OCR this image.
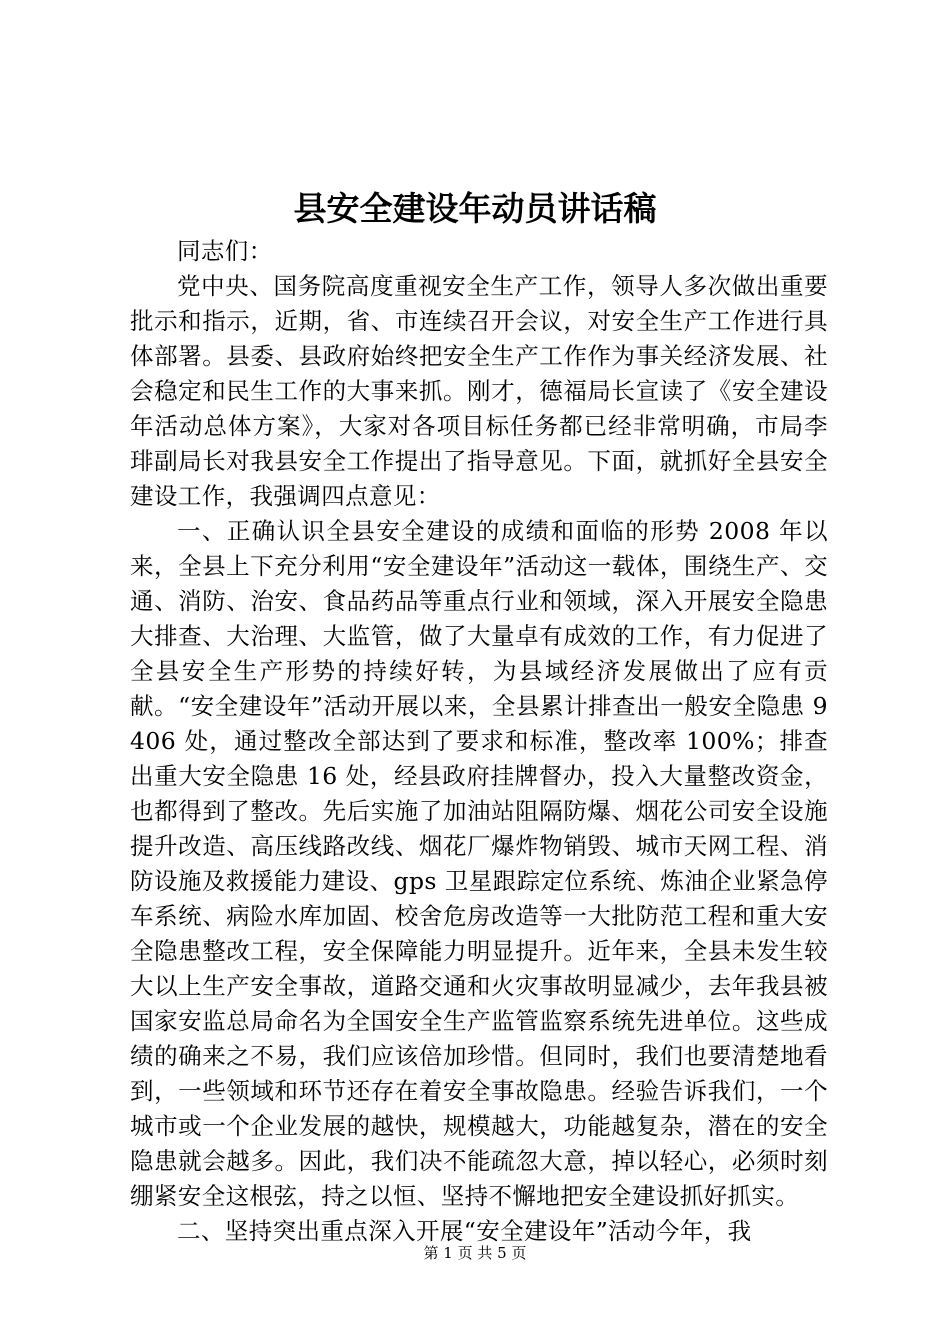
县安全建设年动员讲话稿

同志们：

党中央、国务院高度重视安全生产工作，领导人多次做出重要批示和指示，近期，省、市连续召开会议，对安全生产工作进行具体部署。县委、县政府始终把安全生产工作作为事关经济发展、社会稳定和民生工作的大事来抓。刚才，德福局长宣读了《安全建设年活动总体方案》，大家对各项目标任务都已经非常明确，市局李琲副局长对我县安全工作提出了指导意见。下面，就抓好全县安全建设工作，我强调四点意见：

一、正确认识全县安全建设的成绩和面临的形势 2008 年以来，全县上下充分利用“安全建设年”活动这一载体，围绕生产、交通、消防、治安、食品药品等重点行业和领域，深入开展安全隐患大排查、大治理、大监管，做了大量卓有成效的工作，有力促进了全县安全生产形势的持续好转，为县域经济发展做出了应有贡献。“安全建设年”活动开展以来，全县累计排查出一般安全隐患 9406 处，通过整改全部达到了要求和标准，整改率 100%；排查出重大安全隐患 16 处，经县政府挂牌督办，投入大量整改资金，也都得到了整改。先后实施了加油站阻隔防爆、烟花公司安全设施提升改造、高压线路改线、烟花厂爆炸物销毁、城市天网工程、消防设施及救援能力建设、gps 卫星跟踪定位系统、炼油企业紧急停车系统、病险水库加固、校舍危房改造等一大批防范工程和重大安全隐患整改工程，安全保障能力明显提升。近年来，全县未发生较大以上生产安全事故，道路交通和火灾事故明显减少，去年我县被国家安监总局命名为全国安全生产监管监察系统先进单位。这些成绩的确来之不易，我们应该倍加珍惜。但同时，我们也要清楚地看到，一些领域和环节还存在着安全事故隐患。经验告诉我们，一个城市或一个企业发展的越快，规模越大，功能越复杂，潜在的安全隐患就会越多。因此，我们决不能疏忽大意，掉以轻心，必须时刻绷紧安全这根弦，持之以恒、坚持不懈地把安全建设抓好抓实。

二、坚持突出重点深入开展“安全建设年”活动今年，我

第 1 页 共 5 页
